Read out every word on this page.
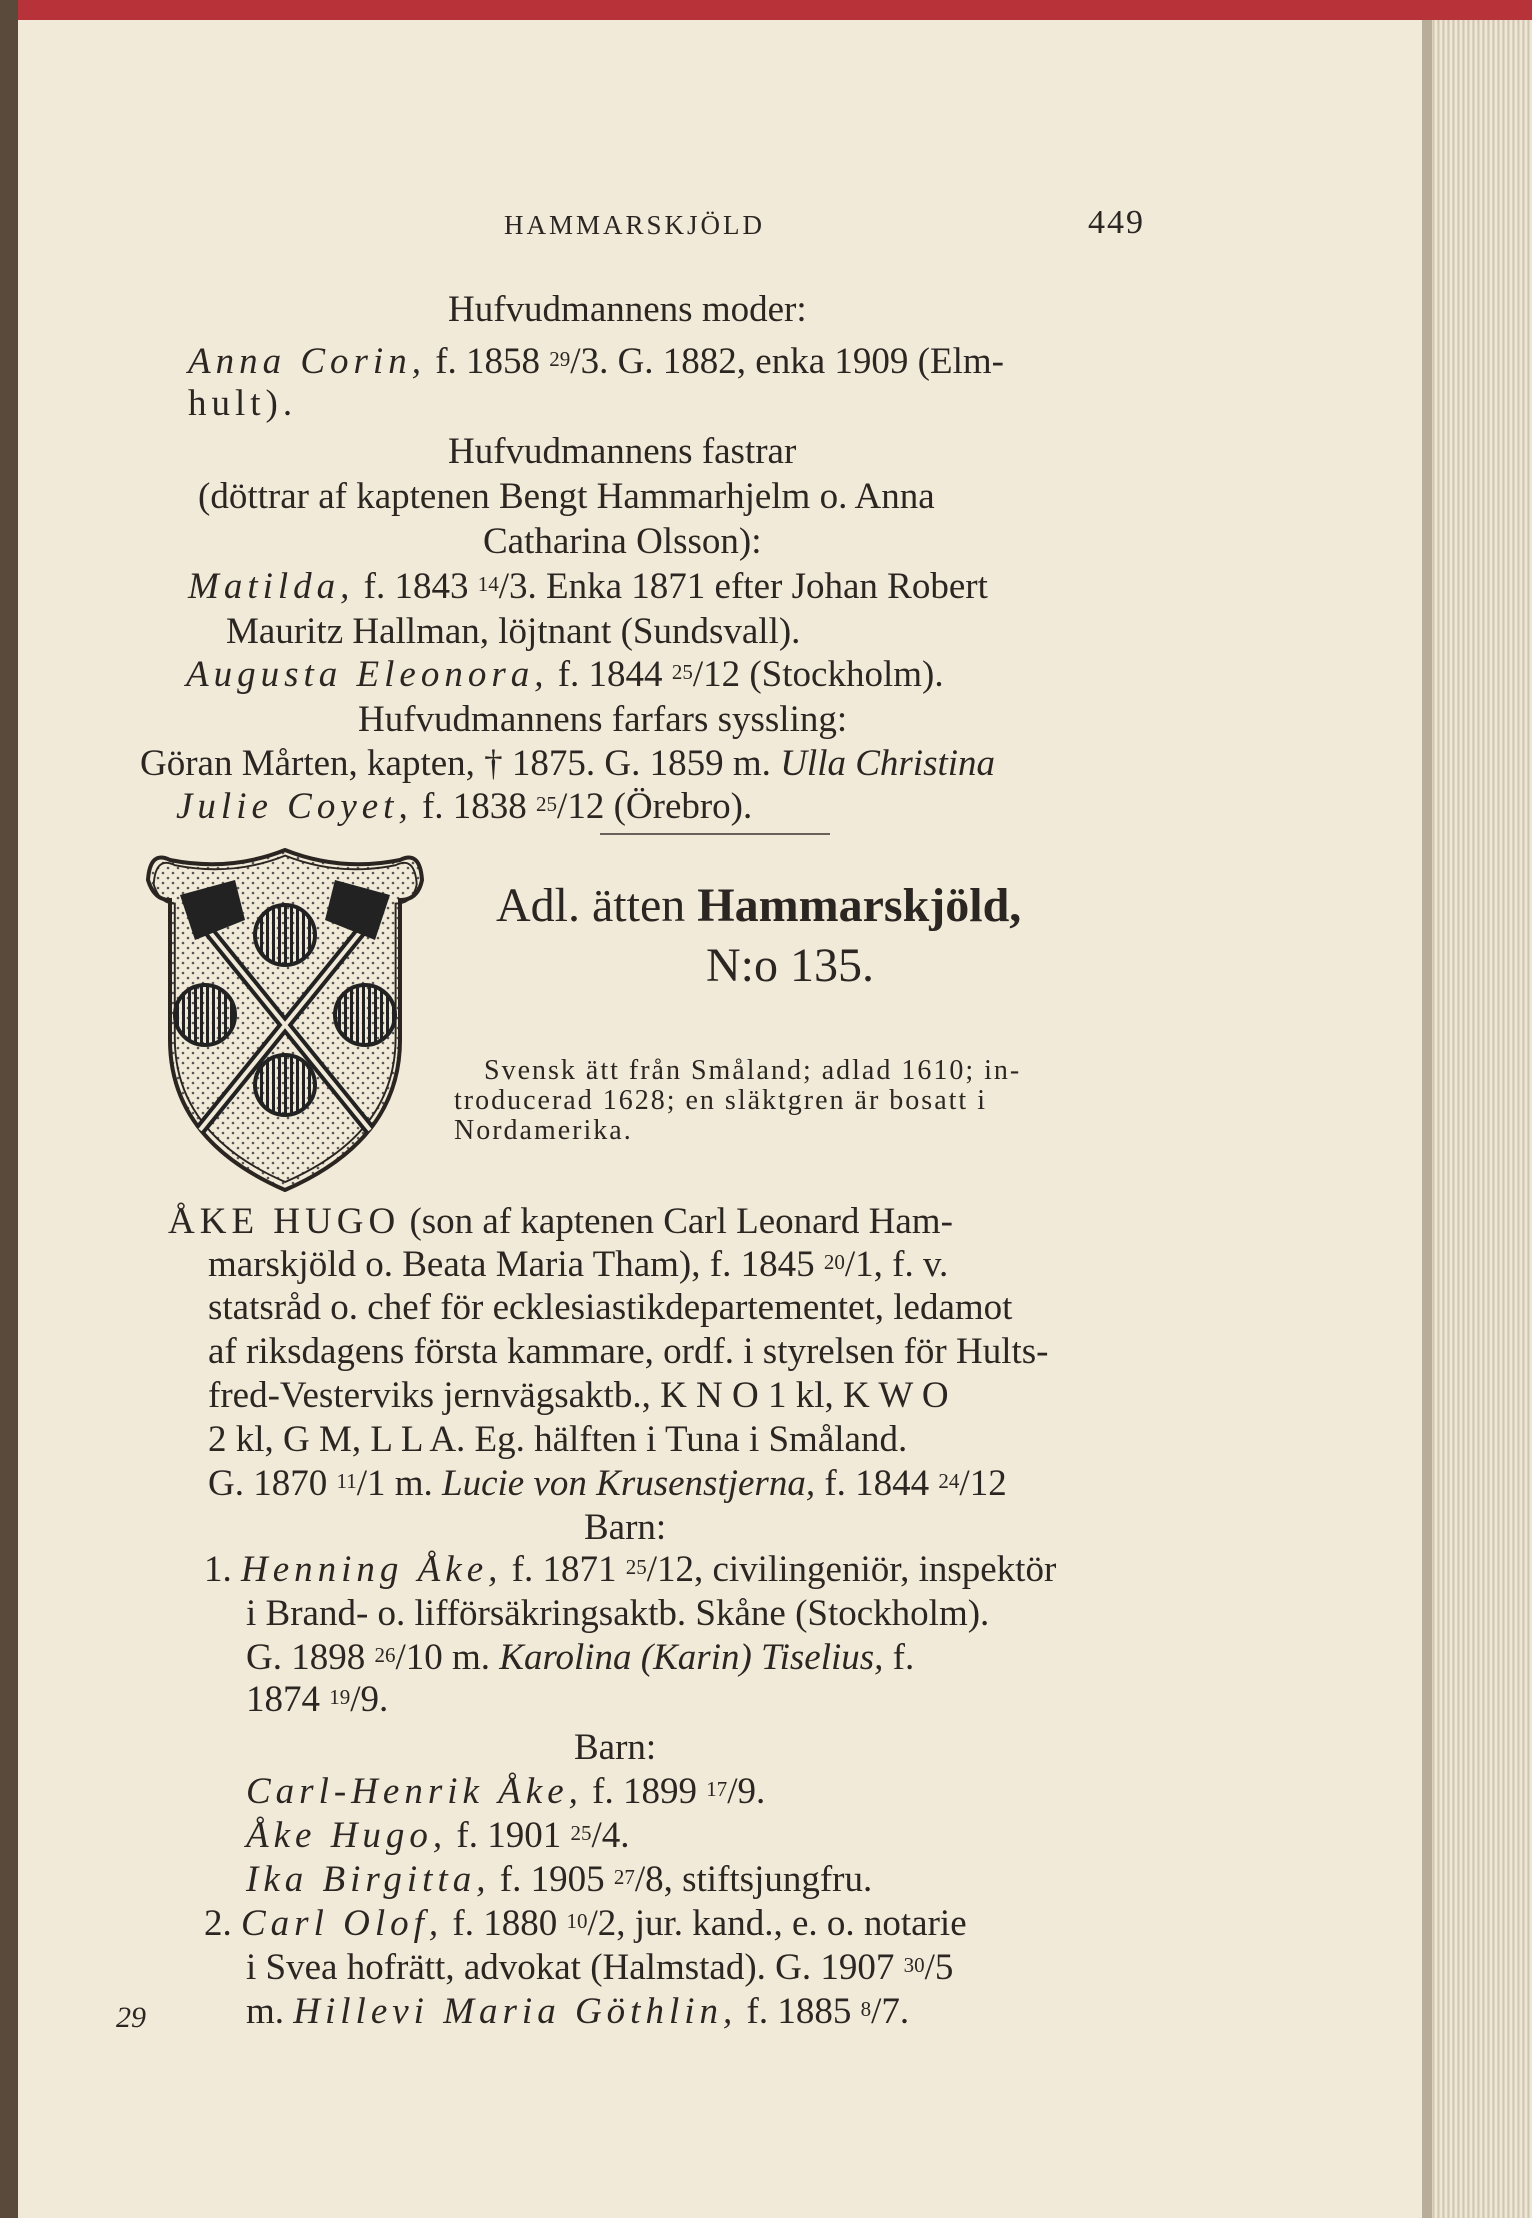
HAMMARSKJÖLD	449
Hufvudmannens moder:
Anna Corin, f. 1858 $^{29}$/3. G. 1882, enka 1909 (Elm-
hult).
Hufvudmannens fastrar
(döttrar af kaptenen Bengt Hammarhjelm o. Anna
Catharina Olsson):
Matilda, f. 1843 $^{14}$/3. Enka 1871 efter Johan Robert
Mauritz Hallman, löjtnant (Sundsvall).
Augusta Eleonora, f. 1844 $^{25}$/12 (Stockholm).
Hufvudmannens farfars syssling:
Göran Mårten, kapten, † 1875. G. 1859 m. Ulla Christina
Julie Coyet, f. 1838 $^{25}$/12 (Örebro).
Adl. ätten Hammarskjöld,
N:o 135.
Svensk ätt från Småland; adlad 1610; in-
troducerad 1628; en släktgren är bosatt i
Nordamerika.
ÅKE HUGO (son af kaptenen Carl Leonard Ham-
marskjöld o. Beata Maria Tham), f. 1845 $^{20}$/1, f. v.
statsråd o. chef för ecklesiastikdepartementet, ledamot
af riksdagens första kammare, ordf. i styrelsen för Hults-
fred-Vesterviks jernvägsaktb., K N O 1 kl, K W O
2 kl, G M, L L A. Eg. hälften i Tuna i Småland.
G. 1870 $^{11}$/1 m. Lucie von Krusenstjerna, f. 1844 $^{24}$/12
Barn:
1. Henning Åke, f. 1871 $^{25}$/12, civilingeniör, inspektör
i Brand- o. lifförsäkringsaktb. Skåne (Stockholm).
G. 1898 $^{26}$/10 m. Karolina (Karin) Tiselius, f.
1874 $^{19}$/9.
Barn:
Carl-Henrik Åke, f. 1899 $^{17}$/9.
Åke Hugo, f. 1901 $^{25}$/4.
Ika Birgitta, f. 1905 $^{27}$/8, stiftsjungfru.
2. Carl Olof, f. 1880 $^{10}$/2, jur. kand., e. o. notarie
i Svea hofrätt, advokat (Halmstad). G. 1907 $^{30}$/5
m. Hillevi Maria Göthlin, f. 1885 $^8$/7.
29
